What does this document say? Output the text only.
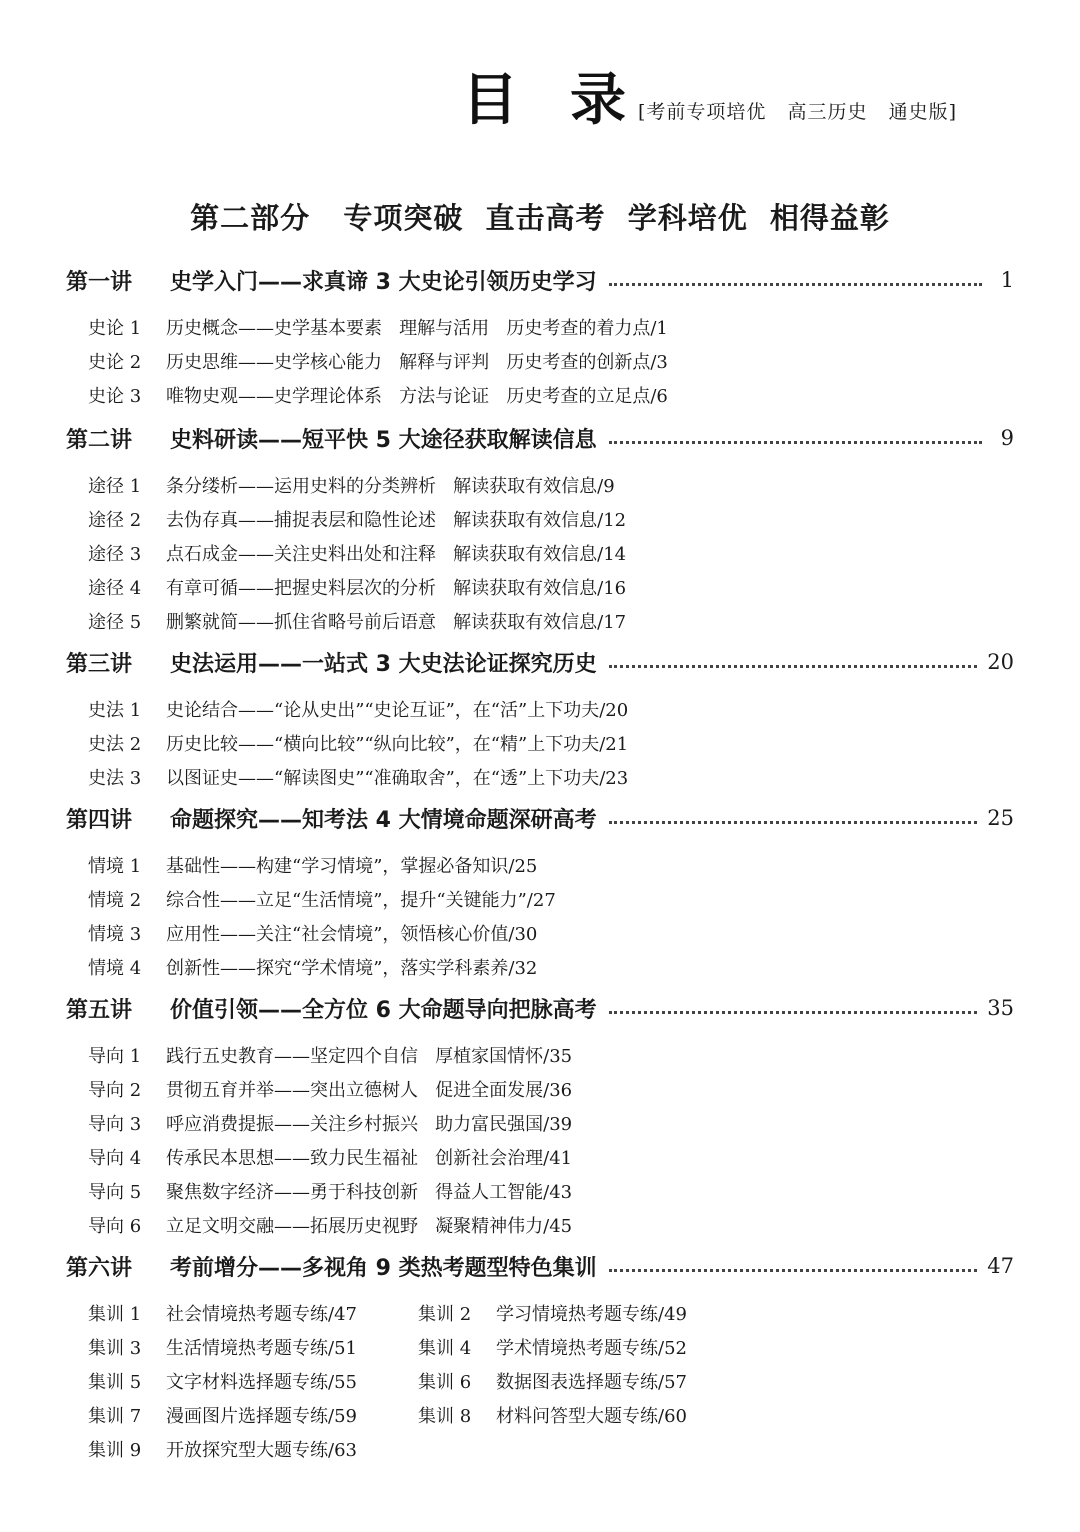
目 录 [考前专项培优   高三历史   通史版]
第二部分   专项突破  直击高考  学科培优  相得益彰
第一讲	史学入门——求真谛 3 大史论引领历史学习	1
史论 1	历史概念——史学基本要素   理解与活用   历史考查的着力点/1
史论 2	历史思维——史学核心能力   解释与评判   历史考查的创新点/3
史论 3	唯物史观——史学理论体系   方法与论证   历史考查的立足点/6
第二讲	史料研读——短平快 5 大途径获取解读信息	9
途径 1	条分缕析——运用史料的分类辨析   解读获取有效信息/9
途径 2	去伪存真——捕捉表层和隐性论述   解读获取有效信息/12
途径 3	点石成金——关注史料出处和注释   解读获取有效信息/14
途径 4	有章可循——把握史料层次的分析   解读获取有效信息/16
途径 5	删繁就简——抓住省略号前后语意   解读获取有效信息/17
第三讲	史法运用——一站式 3 大史法论证探究历史	20
史法 1	史论结合——“论从史出”“史论互证”，在“活”上下功夫/20
史法 2	历史比较——“横向比较”“纵向比较”，在“精”上下功夫/21
史法 3	以图证史——“解读图史”“准确取舍”，在“透”上下功夫/23
第四讲	命题探究——知考法 4 大情境命题深研高考	25
情境 1	基础性——构建“学习情境”，掌握必备知识/25
情境 2	综合性——立足“生活情境”，提升“关键能力”/27
情境 3	应用性——关注“社会情境”，领悟核心价值/30
情境 4	创新性——探究“学术情境”，落实学科素养/32
第五讲	价值引领——全方位 6 大命题导向把脉高考	35
导向 1	践行五史教育——坚定四个自信   厚植家国情怀/35
导向 2	贯彻五育并举——突出立德树人   促进全面发展/36
导向 3	呼应消费提振——关注乡村振兴   助力富民强国/39
导向 4	传承民本思想——致力民生福祉   创新社会治理/41
导向 5	聚焦数字经济——勇于科技创新   得益人工智能/43
导向 6	立足文明交融——拓展历史视野   凝聚精神伟力/45
第六讲	考前增分——多视角 9 类热考题型特色集训	47
集训 1	社会情境热考题专练/47	集训 2	学习情境热考题专练/49
集训 3	生活情境热考题专练/51	集训 4	学术情境热考题专练/52
集训 5	文字材料选择题专练/55	集训 6	数据图表选择题专练/57
集训 7	漫画图片选择题专练/59	集训 8	材料问答型大题专练/60
集训 9	开放探究型大题专练/63
